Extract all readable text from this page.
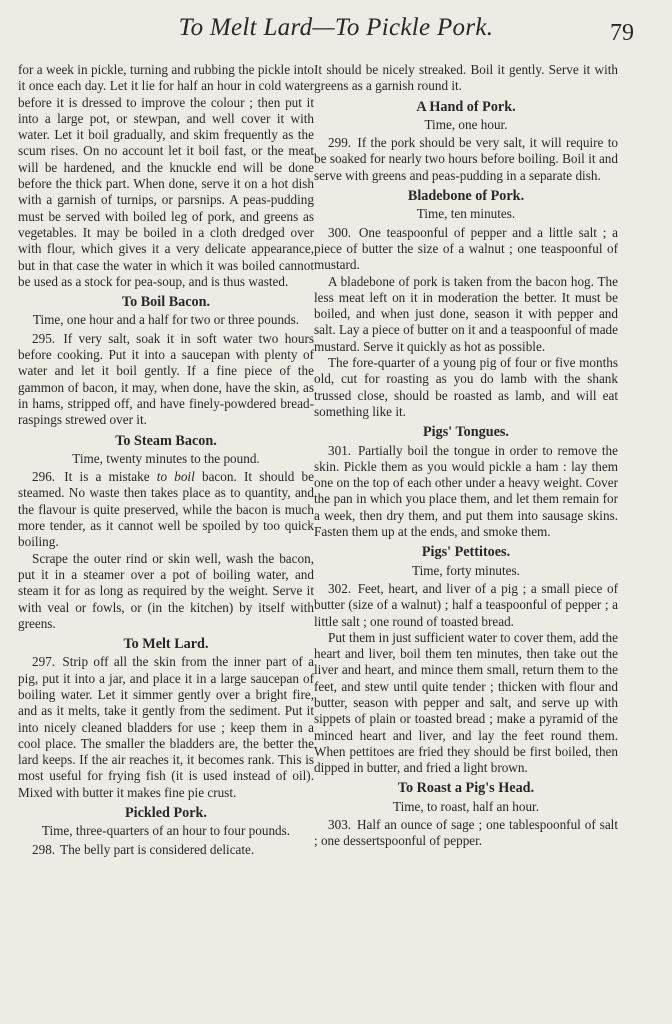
To Melt Lard—To Pickle Pork.	79

for a week in pickle, turning and rubbing the pickle into it once each day. Let it lie for half an hour in cold water before it is dressed to improve the colour ; then put it into a large pot, or stewpan, and well cover it with water. Let it boil gradually, and skim frequently as the scum rises. On no account let it boil fast, or the meat will be hardened, and the knuckle end will be done before the thick part. When done, serve it on a hot dish with a garnish of turnips, or parsnips. A peas-pudding must be served with boiled leg of pork, and greens as vegetables. It may be boiled in a cloth dredged over with flour, which gives it a very delicate appearance, but in that case the water in which it was boiled cannot be used as a stock for pea-soup, and is thus wasted.

To Boil Bacon.
Time, one hour and a half for two or three pounds.

295. If very salt, soak it in soft water two hours before cooking. Put it into a saucepan with plenty of water and let it boil gently. If a fine piece of the gammon of bacon, it may, when done, have the skin, as in hams, stripped off, and have finely-powdered bread-raspings strewed over it.

To Steam Bacon.
Time, twenty minutes to the pound.

296. It is a mistake to boil bacon. It should be steamed. No waste then takes place as to quantity, and the flavour is quite preserved, while the bacon is much more tender, as it cannot well be spoiled by too quick boiling.

Scrape the outer rind or skin well, wash the bacon, put it in a steamer over a pot of boiling water, and steam it for as long as required by the weight. Serve it with veal or fowls, or (in the kitchen) by itself with greens.

To Melt Lard.

297. Strip off all the skin from the inner part of a pig, put it into a jar, and place it in a large saucepan of boiling water. Let it simmer gently over a bright fire, and as it melts, take it gently from the sediment. Put it into nicely cleaned bladders for use ; keep them in a cool place. The smaller the bladders are, the better the lard keeps. If the air reaches it, it becomes rank. This is most useful for frying fish (it is used instead of oil). Mixed with butter it makes fine pie crust.

Pickled Pork.
Time, three-quarters of an hour to four pounds.

298. The belly part is considered delicate.

It should be nicely streaked. Boil it gently. Serve it with greens as a garnish round it.

A Hand of Pork.
Time, one hour.

299. If the pork should be very salt, it will require to be soaked for nearly two hours before boiling. Boil it and serve with greens and peas-pudding in a separate dish.

Bladebone of Pork.
Time, ten minutes.

300. One teaspoonful of pepper and a little salt ; a piece of butter the size of a walnut ; one teaspoonful of mustard.

A bladebone of pork is taken from the bacon hog. The less meat left on it in moderation the better. It must be boiled, and when just done, season it with pepper and salt. Lay a piece of butter on it and a teaspoonful of made mustard. Serve it quickly as hot as possible.

The fore-quarter of a young pig of four or five months old, cut for roasting as you do lamb with the shank trussed close, should be roasted as lamb, and will eat something like it.

Pigs' Tongues.

301. Partially boil the tongue in order to remove the skin. Pickle them as you would pickle a ham : lay them one on the top of each other under a heavy weight. Cover the pan in which you place them, and let them remain for a week, then dry them, and put them into sausage skins. Fasten them up at the ends, and smoke them.

Pigs' Pettitoes.
Time, forty minutes.

302. Feet, heart, and liver of a pig ; a small piece of butter (size of a walnut) ; half a teaspoonful of pepper ; a little salt ; one round of toasted bread.

Put them in just sufficient water to cover them, add the heart and liver, boil them ten minutes, then take out the liver and heart, and mince them small, return them to the feet, and stew until quite tender ; thicken with flour and butter, season with pepper and salt, and serve up with sippets of plain or toasted bread ; make a pyramid of the minced heart and liver, and lay the feet round them. When pettitoes are fried they should be first boiled, then dipped in butter, and fried a light brown.

To Roast a Pig's Head.
Time, to roast, half an hour.

303. Half an ounce of sage ; one tablespoonful of salt ; one dessertspoonful of pepper.
